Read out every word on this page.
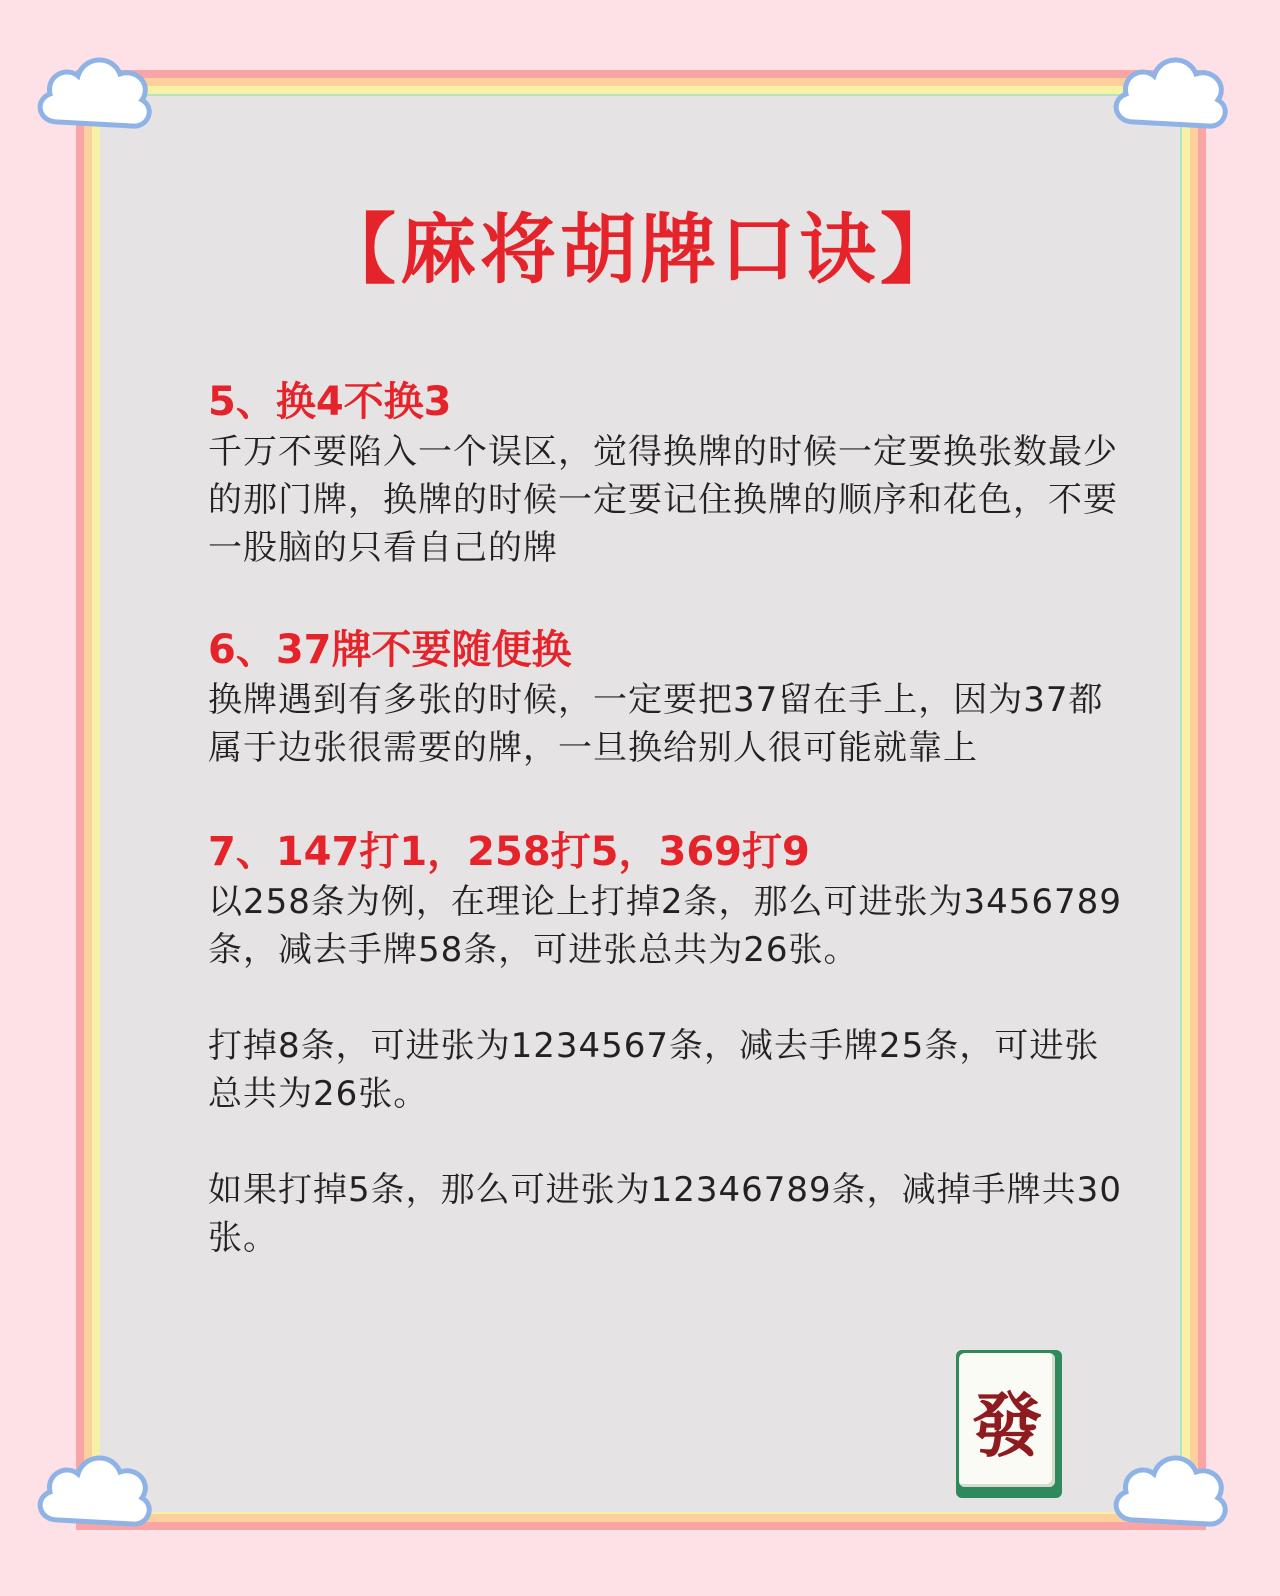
【麻将胡牌口诀】

5、换4不换3

千万不要陷入一个误区，觉得换牌的时候一定要换张数最少的那门牌，换牌的时候一定要记住换牌的顺序和花色，不要一股脑的只看自己的牌

6、37牌不要随便换

换牌遇到有多张的时候，一定要把37留在手上，因为37都属于边张很需要的牌，一旦换给别人很可能就靠上

7、147打1，258打5，369打9

以258条为例，在理论上打掉2条，那么可进张为3456789条，减去手牌58条，可进张总共为26张。

打掉8条，可进张为1234567条，减去手牌25条，可进张总共为26张。

如果打掉5条，那么可进张为12346789条，减掉手牌共30张。

發
